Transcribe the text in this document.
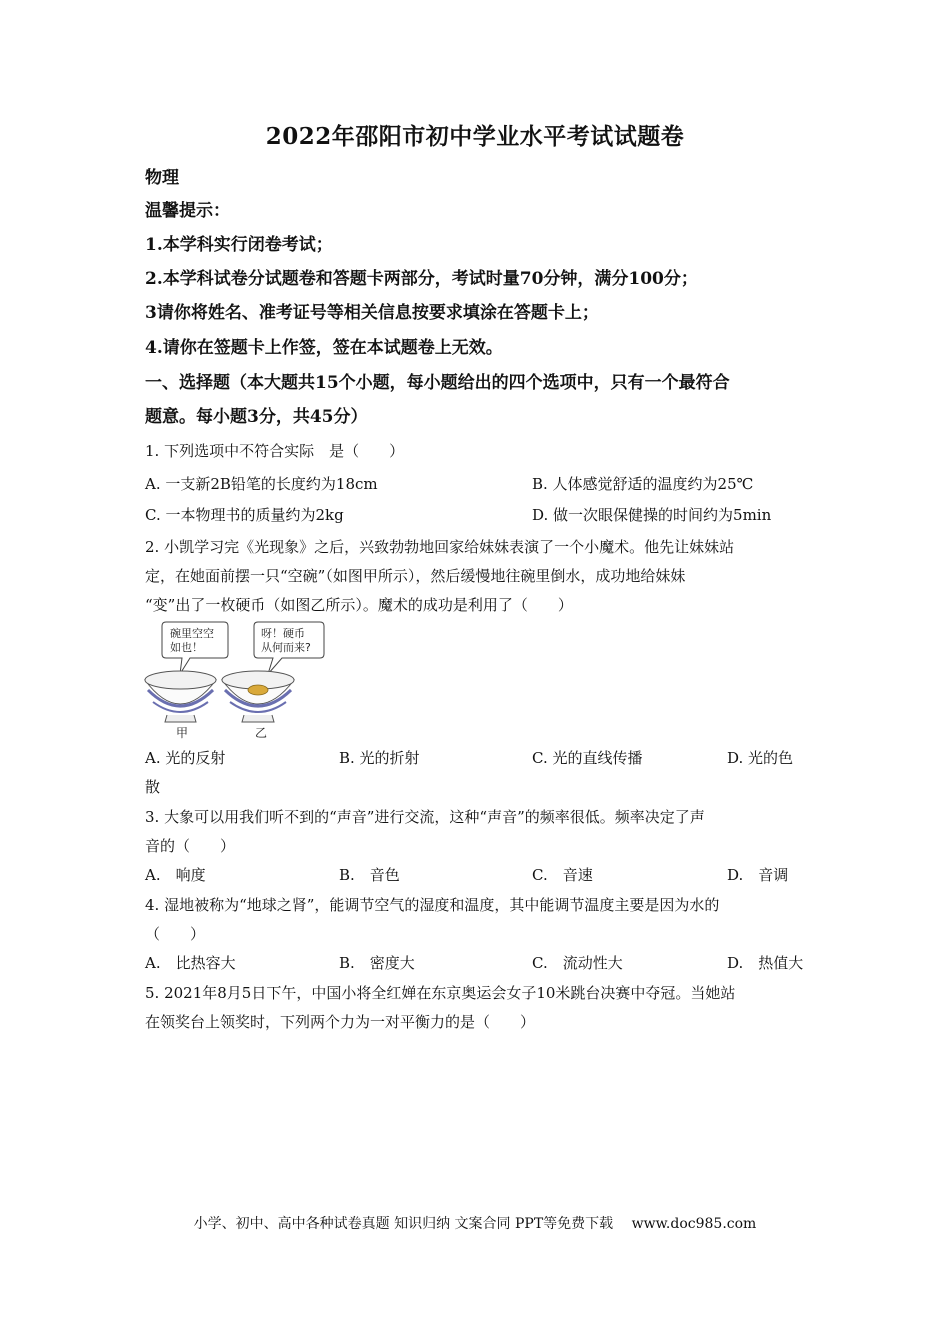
2022年邵阳市初中学业水平考试试题卷
物理
温馨提示：
1.本学科实行闭卷考试；
2.本学科试卷分试题卷和答题卡两部分，考试时量70分钟，满分100分；
3请你将姓名、准考证号等相关信息按要求填涂在答题卡上；
4.请你在签题卡上作签，签在本试题卷上无效。
一、选择题（本大题共15个小题，每小题给出的四个选项中，只有一个最符合
题意。每小题3分，共45分）
1. 下列选项中不符合实际　是（　　）
A. 一支新2B铅笔的长度约为18cm	B. 人体感觉舒适的温度约为25℃
C. 一本物理书的质量约为2kg	D. 做一次眼保健操的时间约为5min
2. 小凯学习完《光现象》之后，兴致勃勃地回家给妹妹表演了一个小魔术。他先让妹妹站
定，在她面前摆一只“空碗”（如图甲所示），然后缓慢地往碗里倒水，成功地给妹妹
“变”出了一枚硬币（如图乙所示）。魔术的成功是利用了（　　）
碗里空空
如也！
呀！硬币
从何而来?
甲	乙
A. 光的反射	B. 光的折射	C. 光的直线传播	D. 光的色
散
3. 大象可以用我们听不到的“声音”进行交流，这种“声音”的频率很低。频率决定了声
音的（　　）
A.　响度	B.　音色	C.　音速	D.　音调
4. 湿地被称为“地球之肾”，能调节空气的湿度和温度，其中能调节温度主要是因为水的
（　　）
A.　比热容大	B.　密度大	C.　流动性大	D.　热值大
5. 2021年8月5日下午，中国小将全红婵在东京奥运会女子10米跳台决赛中夺冠。当她站
在领奖台上领奖时，下列两个力为一对平衡力的是（　　）
小学、初中、高中各种试卷真题 知识归纳 文案合同 PPT等免费下载 www.doc985.com
